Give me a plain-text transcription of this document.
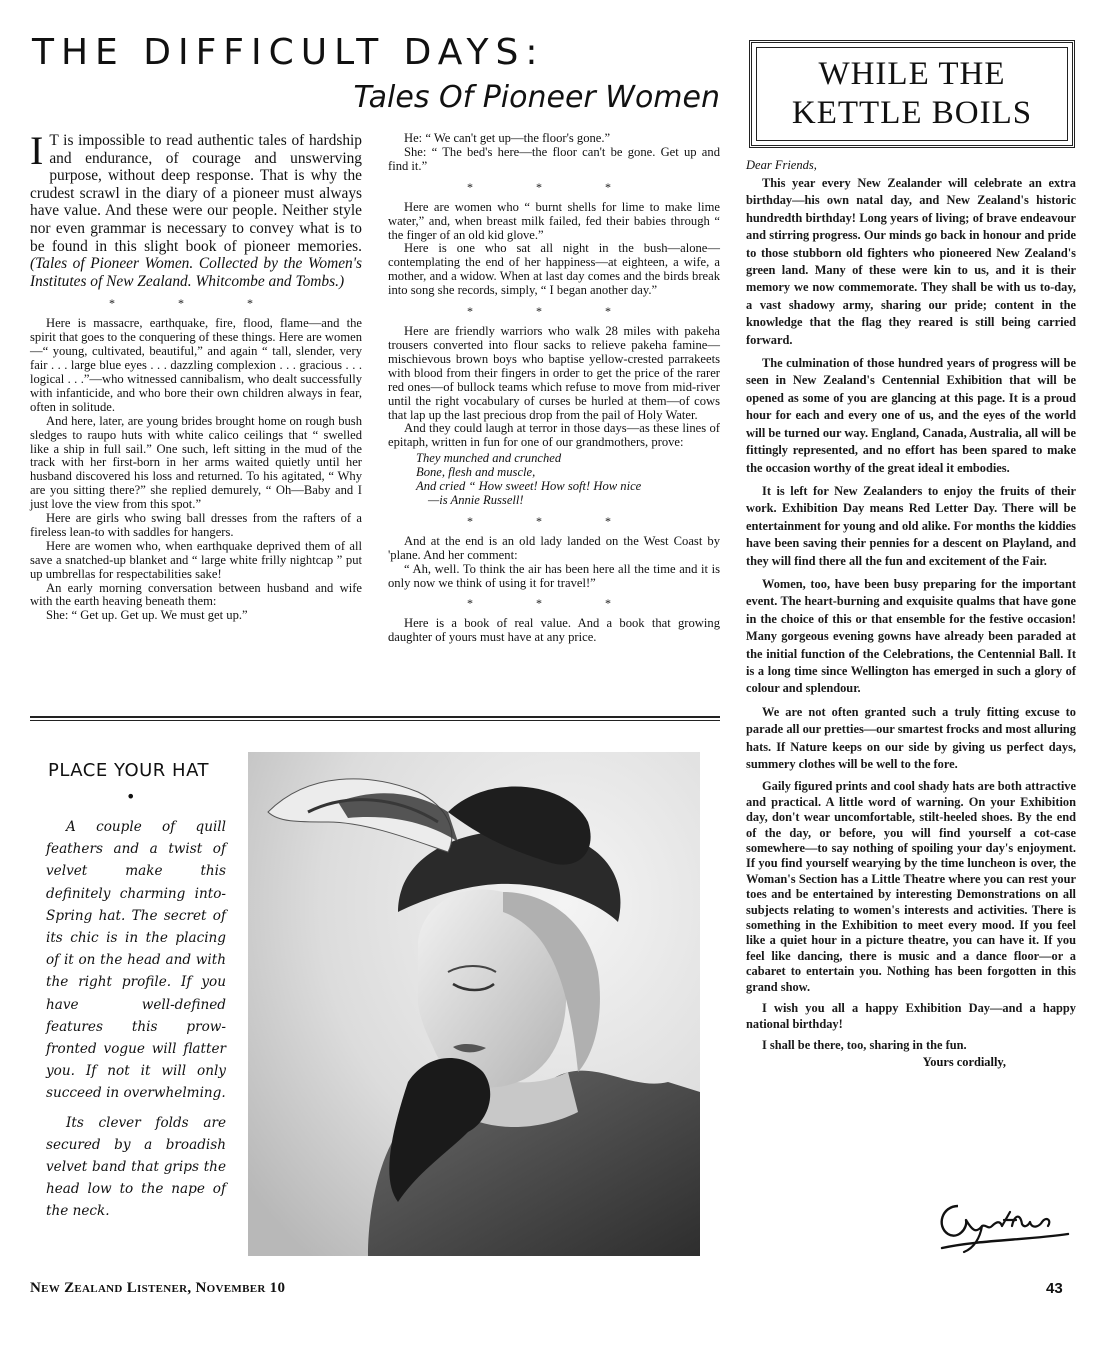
THE DIFFICULT DAYS:
Tales Of Pioneer Women

I T is impossible to read authentic tales of hardship and endurance, of courage and unswerving purpose, without deep response. That is why the crudest scrawl in the diary of a pioneer must always have value. And these were our people. Neither style nor even grammar is necessary to convey what is to be found in this slight book of pioneer memories. (Tales of Pioneer Women. Collected by the Women's Institutes of New Zealand. Whitcombe and Tombs.)

* * *

Here is massacre, earthquake, fire, flood, flame—and the spirit that goes to the conquering of these things. Here are women—“ young, cultivated, beautiful,” and again “ tall, slender, very fair . . . large blue eyes . . . dazzling complexion . . . gracious . . . logical . . .”—who witnessed cannibalism, who dealt successfully with infanticide, and who bore their own children always in fear, often in solitude.

And here, later, are young brides brought home on rough bush sledges to raupo huts with white calico ceilings that “ swelled like a ship in full sail.” One such, left sitting in the mud of the track with her first-born in her arms waited quietly until her husband discovered his loss and returned. To his agitated, “ Why are you sitting there?” she replied demurely, “ Oh—Baby and I just love the view from this spot.”

Here are girls who swing ball dresses from the rafters of a fireless lean-to with saddles for hangers.

Here are women who, when earthquake deprived them of all save a snatched-up blanket and “ large white frilly nightcap ” put up umbrellas for respectabilities sake!

An early morning conversation between husband and wife with the earth heaving beneath them:

She: “ Get up. Get up. We must get up.”

He: “ We can't get up—the floor's gone.”

She: “ The bed's here—the floor can't be gone. Get up and find it.”

* * *

Here are women who “ burnt shells for lime to make lime water,” and, when breast milk failed, fed their babies through “ the finger of an old kid glove.”

Here is one who sat all night in the bush—alone—contemplating the end of her happiness—at eighteen, a wife, a mother, and a widow. When at last day comes and the birds break into song she records, simply, “ I began another day.”

* * *

Here are friendly warriors who walk 28 miles with pakeha trousers converted into flour sacks to relieve pakeha famine—mischievous brown boys who baptise yellow-crested parrakeets with blood from their fingers in order to get the price of the rarer red ones—of bullock teams which refuse to move from mid-river until the right vocabulary of curses be hurled at them—of cows that lap up the last precious drop from the pail of Holy Water.

And they could laugh at terror in those days—as these lines of epitaph, written in fun for one of our grandmothers, prove:

They munched and crunched
Bone, flesh and muscle,
And cried “ How sweet! How soft! How nice
—is Annie Russell!
* * *

And at the end is an old lady landed on the West Coast by 'plane. And her comment:

“ Ah, well. To think the air has been here all the time and it is only now we think of using it for travel!”

* * *

Here is a book of real value. And a book that growing daughter of yours must have at any price.

WHILE THE
KETTLE BOILS

Dear Friends,

This year every New Zealander will celebrate an extra birthday—his own natal day, and New Zealand's historic hundredth birthday! Long years of living; of brave endeavour and stirring progress. Our minds go back in honour and pride to those stubborn old fighters who pioneered New Zealand's green land. Many of these were kin to us, and it is their memory we now commemorate. They shall be with us to-day, a vast shadowy army, sharing our pride; content in the knowledge that the flag they reared is still being carried forward.

The culmination of those hundred years of progress will be seen in New Zealand's Centennial Exhibition that will be opened as some of you are glancing at this page. It is a proud hour for each and every one of us, and the eyes of the world will be turned our way. England, Canada, Australia, all will be fittingly represented, and no effort has been spared to make the occasion worthy of the great ideal it embodies.

It is left for New Zealanders to enjoy the fruits of their work. Exhibition Day means Red Letter Day. There will be entertainment for young and old alike. For months the kiddies have been saving their pennies for a descent on Playland, and they will find there all the fun and excitement of the Fair.

Women, too, have been busy preparing for the important event. The heart-burning and exquisite qualms that have gone in the choice of this or that ensemble for the festive occasion! Many gorgeous evening gowns have already been paraded at the initial function of the Celebrations, the Centennial Ball. It is a long time since Wellington has emerged in such a glory of colour and splendour.

We are not often granted such a truly fitting excuse to parade all our pretties—our smartest frocks and most alluring hats. If Nature keeps on our side by giving us perfect days, summery clothes will be well to the fore.

Gaily figured prints and cool shady hats are both attractive and practical. A little word of warning. On your Exhibition day, don't wear uncomfortable, stilt-heeled shoes. By the end of the day, or before, you will find yourself a cot-case somewhere—to say nothing of spoiling your day's enjoyment. If you find yourself wearying by the time luncheon is over, the Woman's Section has a Little Theatre where you can rest your toes and be entertained by interesting Demonstrations on all subjects relating to women's interests and activities. There is something in the Exhibition to meet every mood. If you feel like a quiet hour in a picture theatre, you can have it. If you feel like dancing, there is music and a dance floor—or a cabaret to entertain you. Nothing has been forgotten in this grand show.

I wish you all a happy Exhibition Day—and a happy national birthday!

I shall be there, too, sharing in the fun.

Yours cordially,

PLACE YOUR HAT
•

A couple of quill feathers and a twist of velvet make this definitely charming into-Spring hat. The secret of its chic is in the placing of it on the head and with the right profile. If you have well-defined features this prow-fronted vogue will flatter you. If not it will only succeed in overwhelming.

Its clever folds are secured by a broadish velvet band that grips the head low to the nape of the neck.

New Zealand Listener, November 10	43
